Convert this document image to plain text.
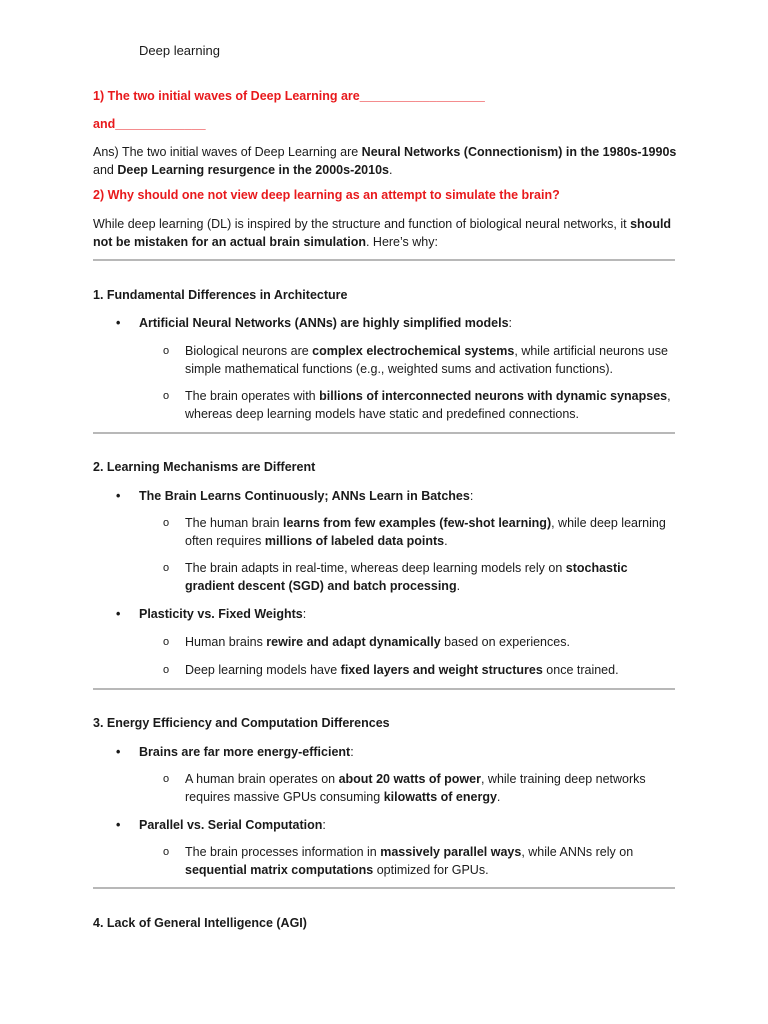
Deep learning

1) The two initial waves of Deep Learning are__________________

and_____________

Ans) The two initial waves of Deep Learning are Neural Networks (Connectionism) in the 1980s-1990s and Deep Learning resurgence in the 2000s-2010s.

2) Why should one not view deep learning as an attempt to simulate the brain?

While deep learning (DL) is inspired by the structure and function of biological neural networks, it should not be mistaken for an actual brain simulation. Here’s why:

1. Fundamental Differences in Architecture

• Artificial Neural Networks (ANNs) are highly simplified models:
o Biological neurons are complex electrochemical systems, while artificial neurons use simple mathematical functions (e.g., weighted sums and activation functions).
o The brain operates with billions of interconnected neurons with dynamic synapses, whereas deep learning models have static and predefined connections.

2. Learning Mechanisms are Different

• The Brain Learns Continuously; ANNs Learn in Batches:
o The human brain learns from few examples (few-shot learning), while deep learning often requires millions of labeled data points.
o The brain adapts in real-time, whereas deep learning models rely on stochastic gradient descent (SGD) and batch processing.
• Plasticity vs. Fixed Weights:
o Human brains rewire and adapt dynamically based on experiences.
o Deep learning models have fixed layers and weight structures once trained.

3. Energy Efficiency and Computation Differences

• Brains are far more energy-efficient:
o A human brain operates on about 20 watts of power, while training deep networks requires massive GPUs consuming kilowatts of energy.
• Parallel vs. Serial Computation:
o The brain processes information in massively parallel ways, while ANNs rely on sequential matrix computations optimized for GPUs.

4. Lack of General Intelligence (AGI)
